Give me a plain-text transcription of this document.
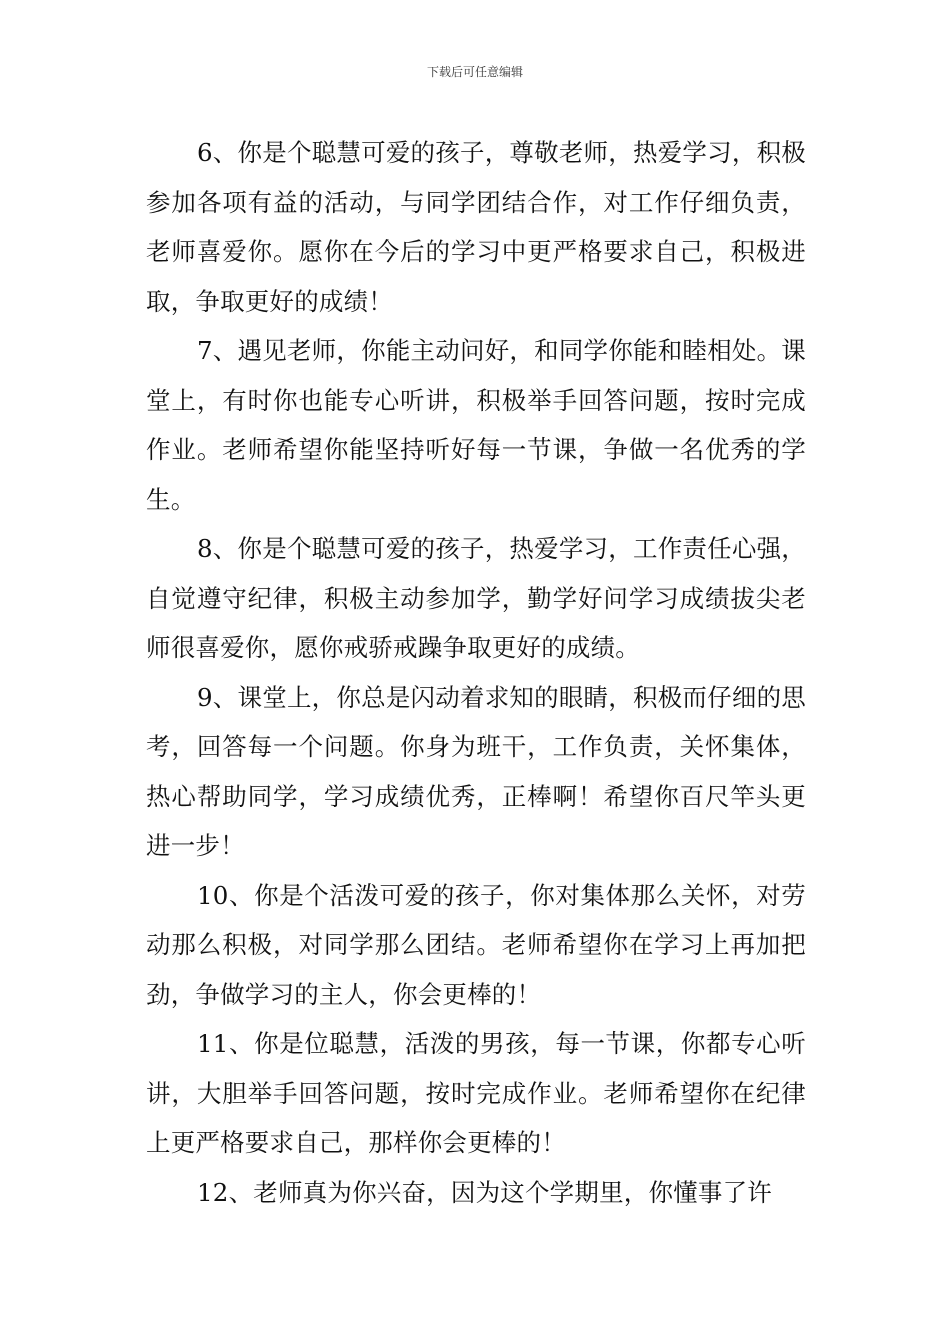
下载后可任意编辑

6、你是个聪慧可爱的孩子，尊敬老师，热爱学习，积极参加各项有益的活动，与同学团结合作，对工作仔细负责，老师喜爱你。愿你在今后的学习中更严格要求自己，积极进取，争取更好的成绩！

7、遇见老师，你能主动问好，和同学你能和睦相处。课堂上，有时你也能专心听讲，积极举手回答问题，按时完成作业。老师希望你能坚持听好每一节课，争做一名优秀的学生。

8、你是个聪慧可爱的孩子，热爱学习，工作责任心强，自觉遵守纪律，积极主动参加学，勤学好问学习成绩拔尖老师很喜爱你，愿你戒骄戒躁争取更好的成绩。

9、课堂上，你总是闪动着求知的眼睛，积极而仔细的思考，回答每一个问题。你身为班干，工作负责，关怀集体，热心帮助同学，学习成绩优秀，正棒啊！希望你百尺竿头更进一步！

10、你是个活泼可爱的孩子，你对集体那么关怀，对劳动那么积极，对同学那么团结。老师希望你在学习上再加把劲，争做学习的主人，你会更棒的！

11、你是位聪慧，活泼的男孩，每一节课，你都专心听讲，大胆举手回答问题，按时完成作业。老师希望你在纪律上更严格要求自己，那样你会更棒的！

12、老师真为你兴奋，因为这个学期里，你懂事了许
